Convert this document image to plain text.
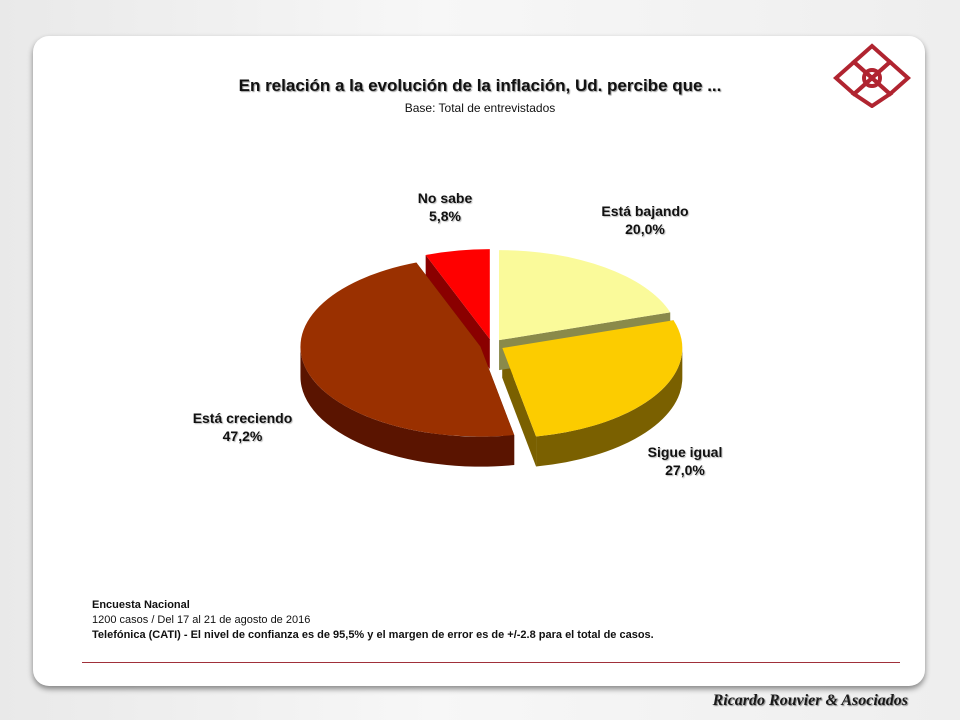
En relación a la evolución de la inflación, Ud. percibe que ...
Base: Total de entrevistados
Está bajando
20,0%
Sigue igual
27,0%
Está creciendo
47,2%
No sabe
5,8%
Encuesta Nacional
1200 casos / Del 17 al 21 de agosto de 2016
Telefónica (CATI) - El nivel de confianza es de 95,5% y el margen de error es de +/-2.8 para el total de casos.
Ricardo Rouvier & Asociados
